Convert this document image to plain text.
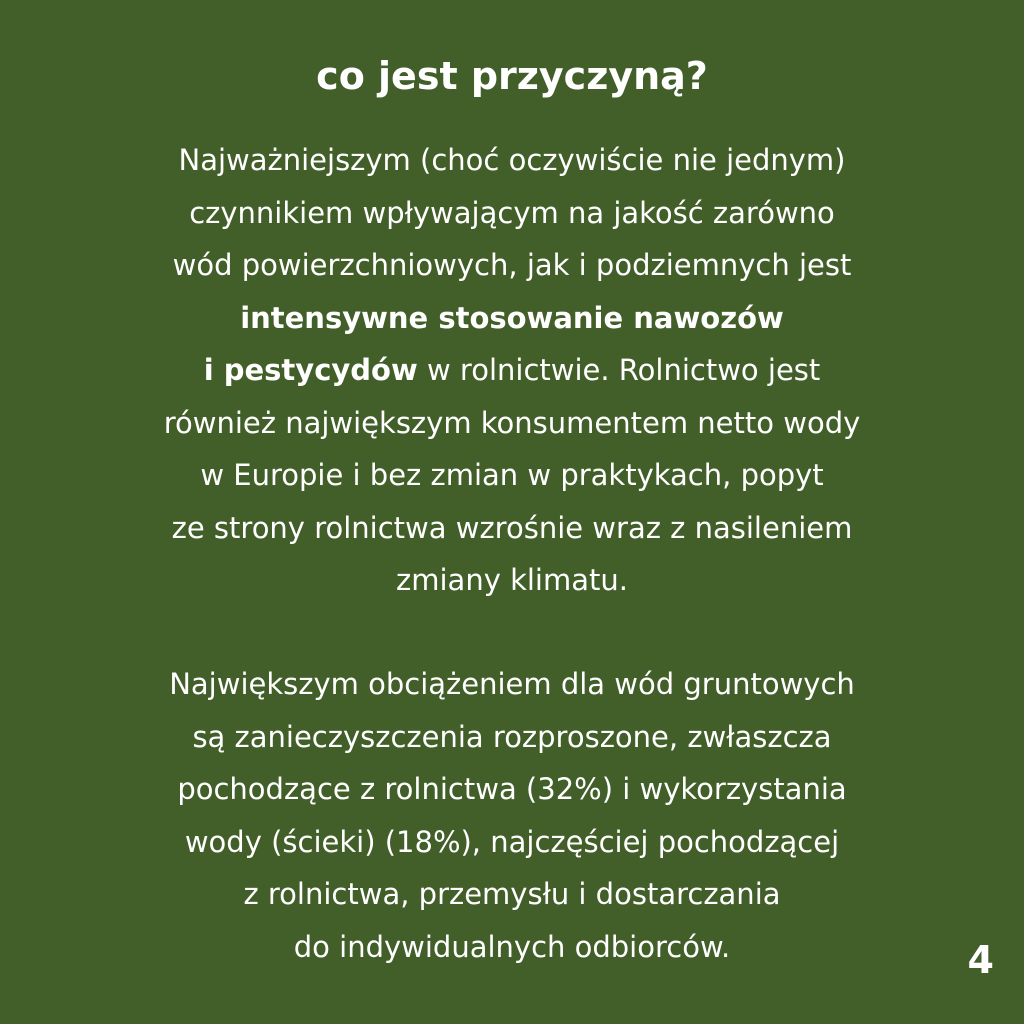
co jest przyczyną?

Najważniejszym (choć oczywiście nie jednym)
czynnikiem wpływającym na jakość zarówno
wód powierzchniowych, jak i podziemnych jest
intensywne stosowanie nawozów
i pestycydów w rolnictwie. Rolnictwo jest
również największym konsumentem netto wody
w Europie i bez zmian w praktykach, popyt
ze strony rolnictwa wzrośnie wraz z nasileniem
zmiany klimatu.

Największym obciążeniem dla wód gruntowych
są zanieczyszczenia rozproszone, zwłaszcza
pochodzące z rolnictwa (32%) i wykorzystania
wody (ścieki) (18%), najczęściej pochodzącej
z rolnictwa, przemysłu i dostarczania
do indywidualnych odbiorców.	4
